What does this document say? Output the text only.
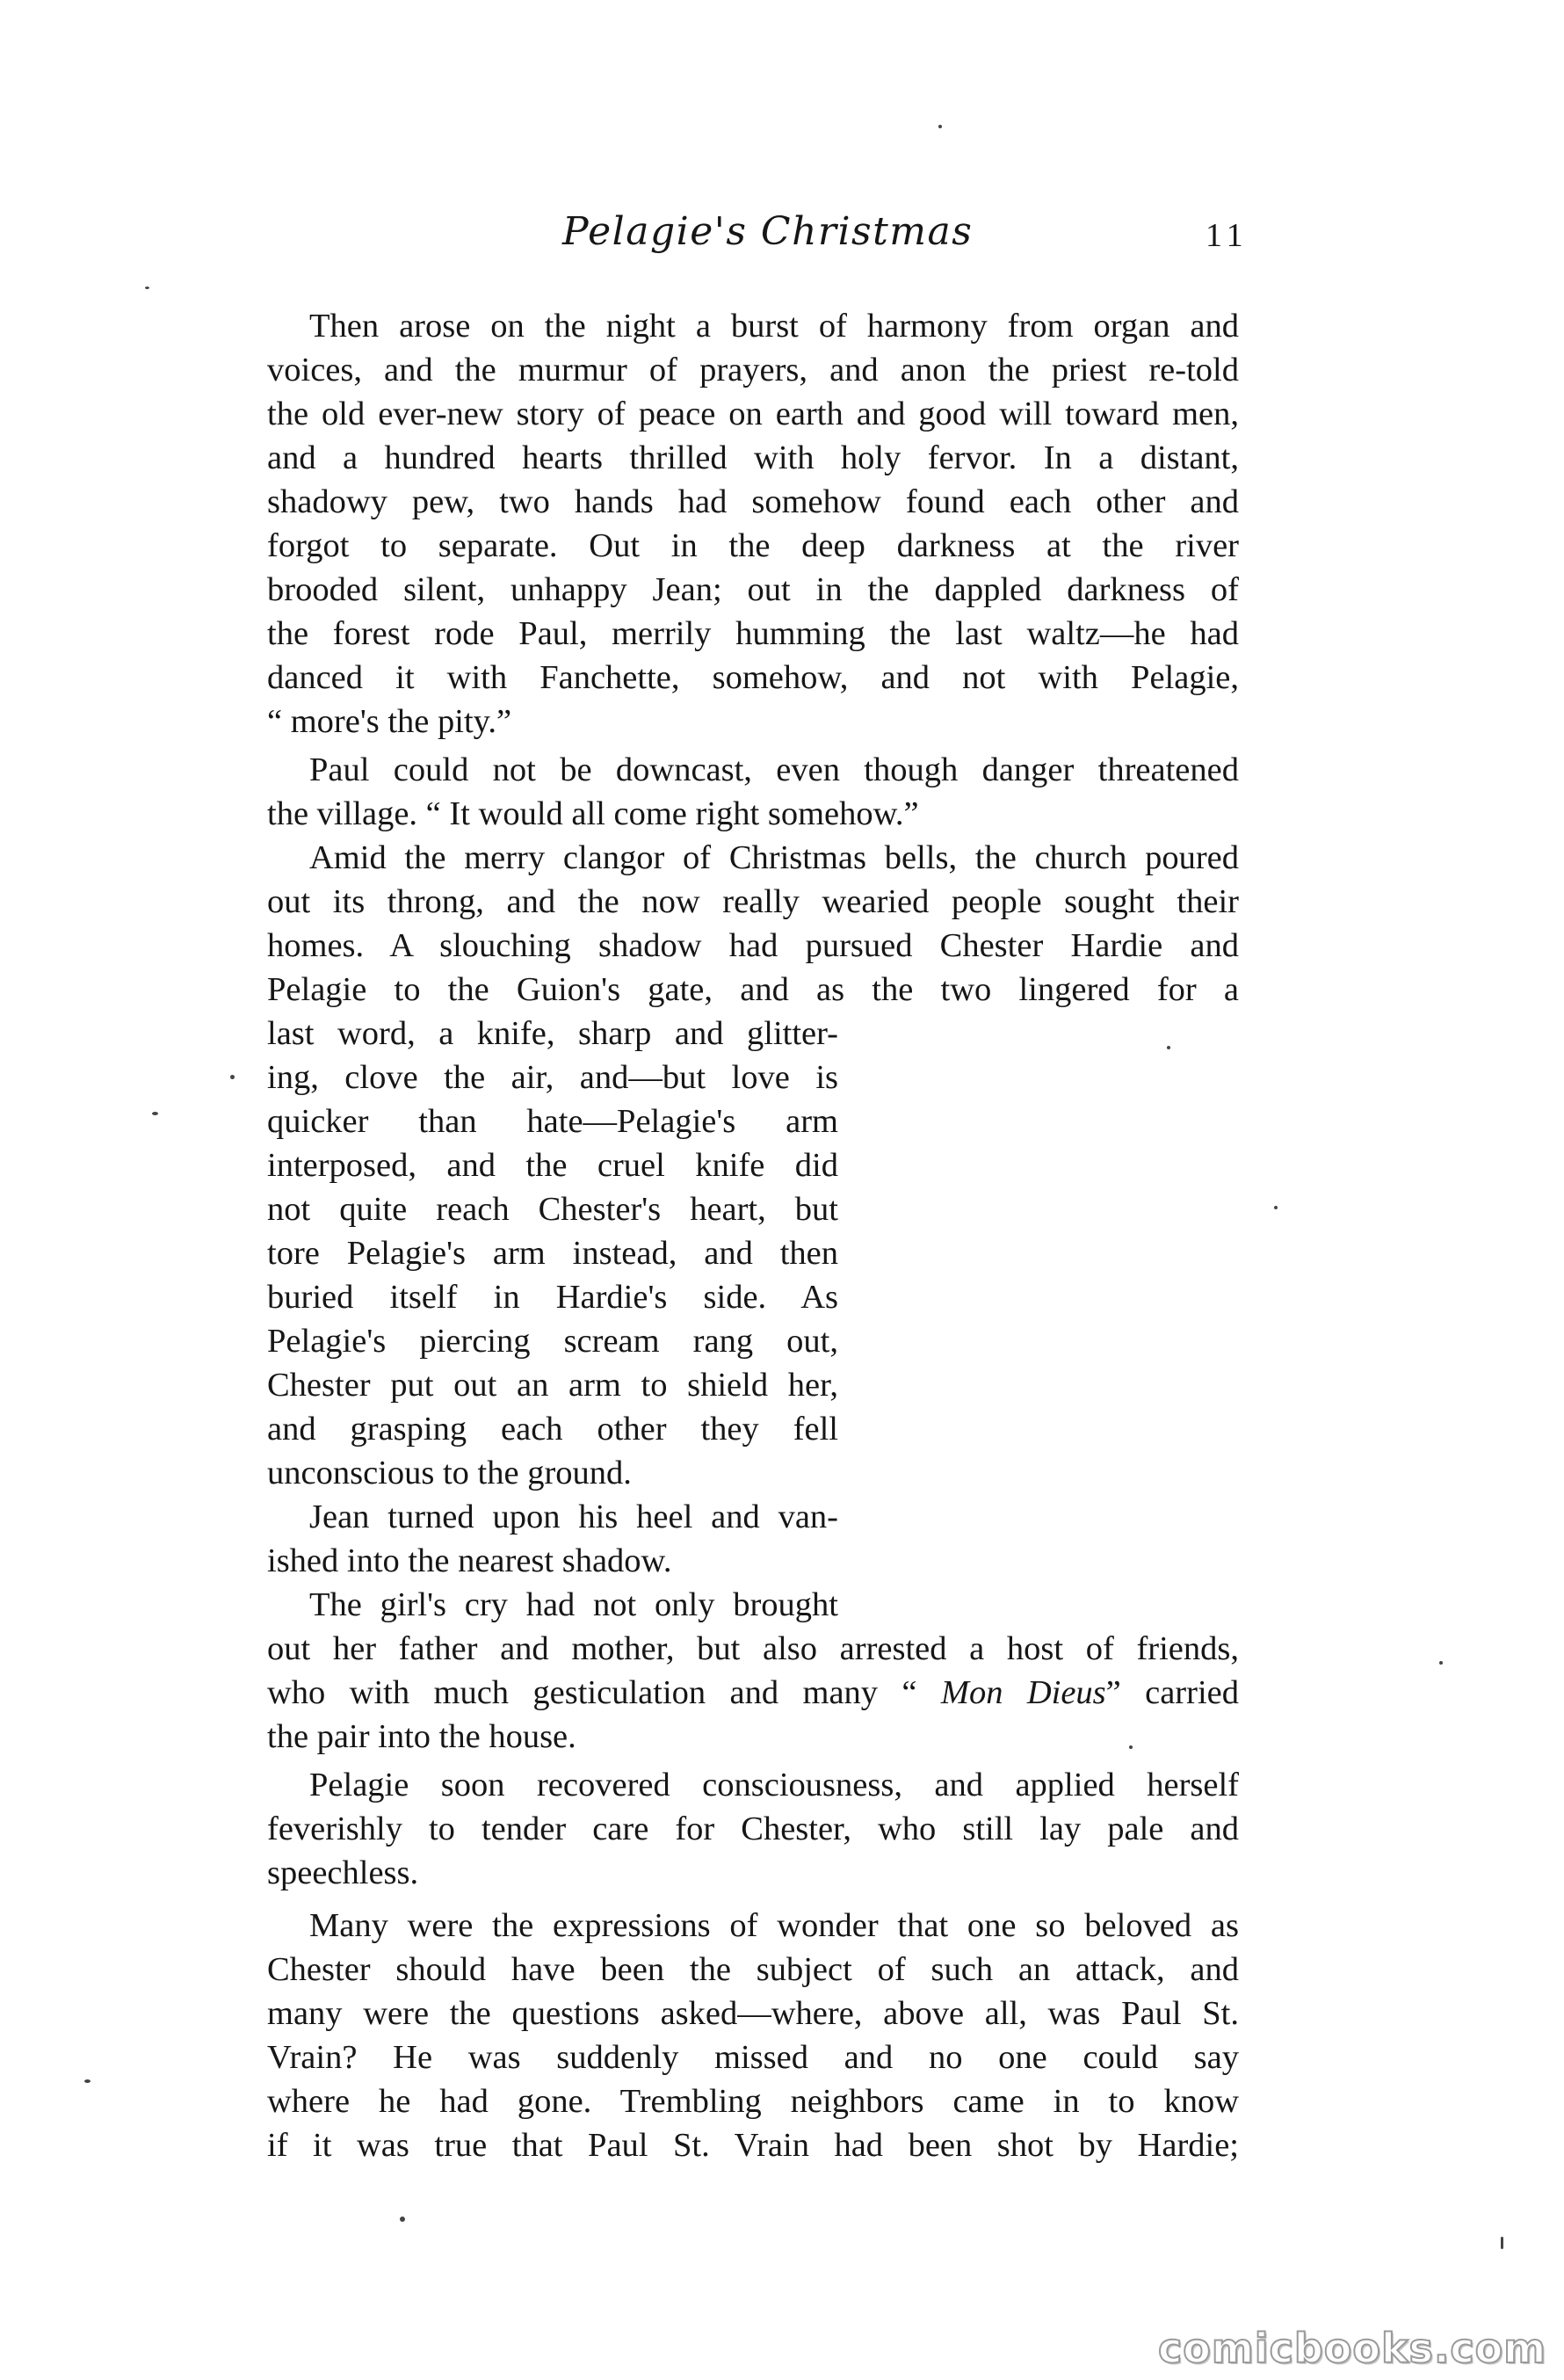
Pelagie's Christmas	11
Then arose on the night a burst of harmony from organ and
voices, and the murmur of prayers, and anon the priest re-told
the old ever-new story of peace on earth and good will toward men,
and a hundred hearts thrilled with holy fervor. In a distant,
shadowy pew, two hands had somehow found each other and
forgot to separate. Out in the deep darkness at the river
brooded silent, unhappy Jean; out in the dappled darkness of
the forest rode Paul, merrily humming the last waltz—he had
danced it with Fanchette, somehow, and not with Pelagie,
“ more's the pity.”
Paul could not be downcast, even though danger threatened
the village. “ It would all come right somehow.”
Amid the merry clangor of Christmas bells, the church poured
out its throng, and the now really wearied people sought their
homes. A slouching shadow had pursued Chester Hardie and
Pelagie to the Guion's gate, and as the two lingered for a
last word, a knife, sharp and glitter-
ing, clove the air, and—but love is
quicker than hate—Pelagie's arm
interposed, and the cruel knife did
not quite reach Chester's heart, but
tore Pelagie's arm instead, and then
buried itself in Hardie's side. As
Pelagie's piercing scream rang out,
Chester put out an arm to shield her,
and grasping each other they fell
unconscious to the ground.
Jean turned upon his heel and van-
ished into the nearest shadow.
The girl's cry had not only brought
out her father and mother, but also arrested a host of friends,
who with much gesticulation and many “ Mon Dieus” carried
the pair into the house.
Pelagie soon recovered consciousness, and applied herself
feverishly to tender care for Chester, who still lay pale and
speechless.
Many were the expressions of wonder that one so beloved as
Chester should have been the subject of such an attack, and
many were the questions asked—where, above all, was Paul St.
Vrain? He was suddenly missed and no one could say
where he had gone. Trembling neighbors came in to know
if it was true that Paul St. Vrain had been shot by Hardie;
comicbooks.com
